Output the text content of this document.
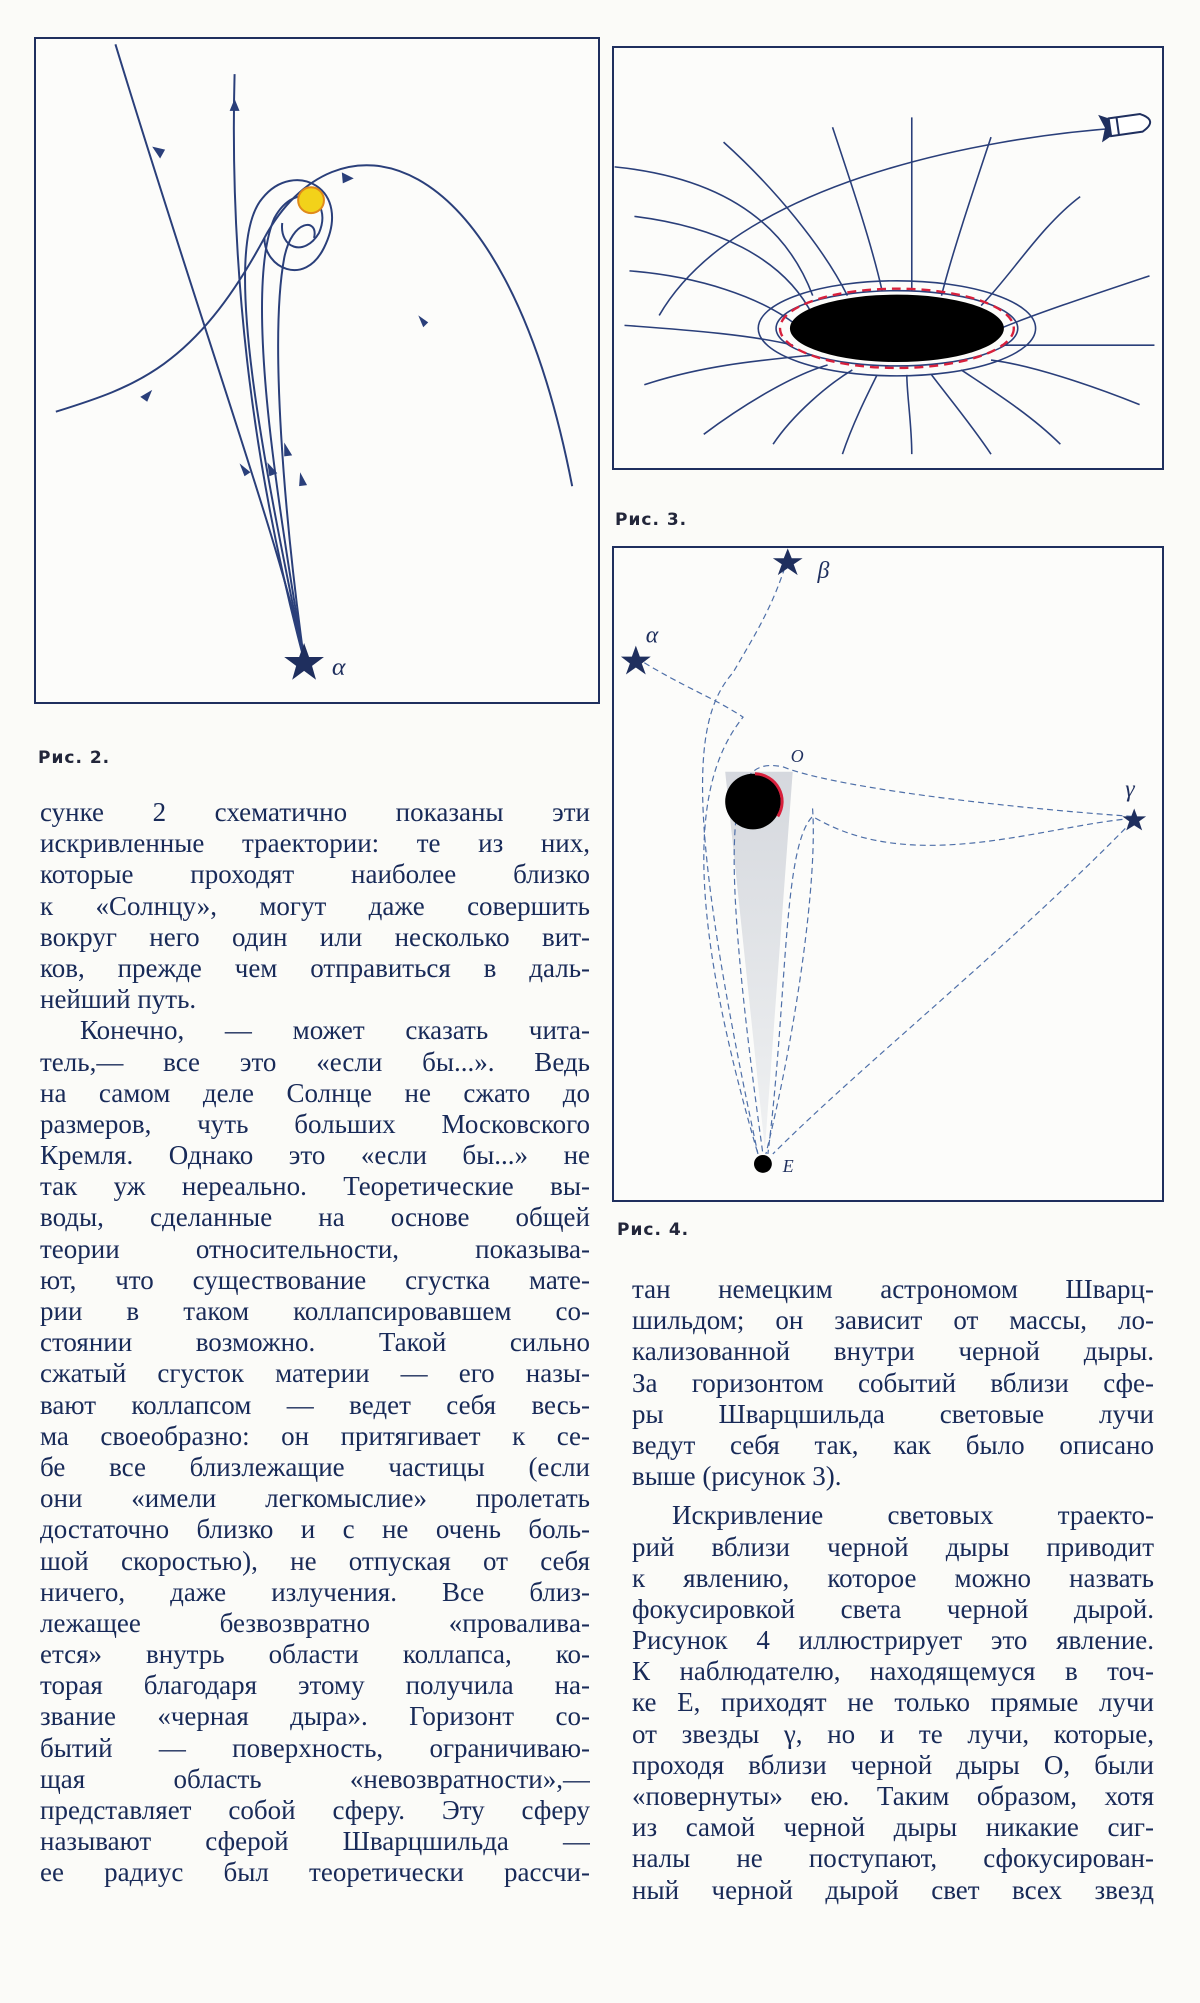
α
Рис. 2.
Рис. 3.
α
β
γ
O
E
Рис. 4.
сунке 2 схематично показаны эти
искривленные траектории: те из них,
которые проходят наиболее близко
к «Солнцу», могут даже совершить
вокруг него один или несколько вит-
ков, прежде чем отправиться в даль-
нейший путь.
Конечно, — может сказать чита-
тель,— все это «если бы...». Ведь
на самом деле Солнце не сжато до
размеров, чуть больших Московского
Кремля. Однако это «если бы...» не
так уж нереально. Теоретические вы-
воды, сделанные на основе общей
теории относительности, показыва-
ют, что существование сгустка мате-
рии в таком коллапсировавшем со-
стоянии возможно. Такой сильно
сжатый сгусток материи — его назы-
вают коллапсом — ведет себя весь-
ма своеобразно: он притягивает к се-
бе все близлежащие частицы (если
они «имели легкомыслие» пролетать
достаточно близко и с не очень боль-
шой скоростью), не отпуская от себя
ничего, даже излучения. Все близ-
лежащее безвозвратно «проваливa-
ется» внутрь области коллапса, ко-
торая благодаря этому получила на-
звание «черная дыра». Горизонт со-
бытий — поверхность, ограничиваю-
щая область «невозвратности»,—
представляет собой сферу. Эту сферу
называют сферой Шварцшильда —
ее радиус был теоретически рассчи-
тан немецким астрономом Шварц-
шильдом; он зависит от массы, ло-
кализованной внутри черной дыры.
За горизонтом событий вблизи сфе-
ры Шварцшильда световые лучи
ведут себя так, как было описано
выше (рисунок 3).
Искривление световых траекто-
рий вблизи черной дыры приводит
к явлению, которое можно назвать
фокусировкой света черной дырой.
Рисунок 4 иллюстрирует это явление.
К наблюдателю, находящемуся в точ-
ке E, приходят не только прямые лучи
от звезды γ, но и те лучи, которые,
проходя вблизи черной дыры O, были
«повернуты» ею. Таким образом, хотя
из самой черной дыры никакие сиг-
налы не поступают, сфокусирован-
ный черной дырой свет всех звезд
